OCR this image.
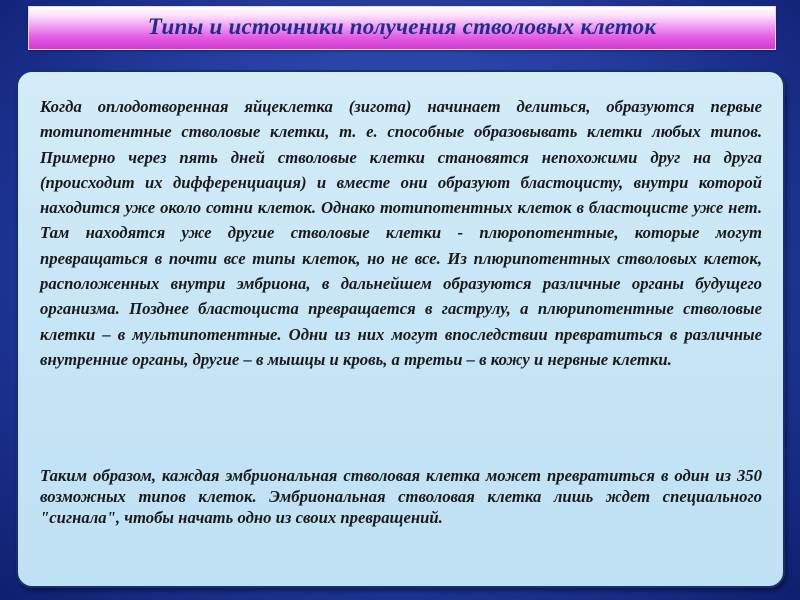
Типы и источники получения стволовых клеток

Когда оплодотворенная яйцеклетка (зигота) начинает делиться, образуются первые тотипотентные стволовые клетки, т. е. способные образовывать клетки любых типов. Примерно через пять дней стволовые клетки становятся непохожими друг на друга (происходит их дифференциация) и вместе они образуют бластоцисту, внутри которой находится уже около сотни клеток. Однако тотипотентных клеток в бластоцисте уже нет. Там находятся уже другие стволовые клетки - плюропотентные, которые могут превращаться в почти все типы клеток, но не все. Из плюрипотентных стволовых клеток, расположенных внутри эмбриона, в дальнейшем образуются различные органы будущего организма. Позднее бластоциста превращается в гаструлу, а плюрипотентные стволовые клетки – в мультипотентные. Одни из них могут впоследствии превратиться в различные внутренние органы, другие – в мышцы и кровь, а третьи – в кожу и нервные клетки.

Таким образом, каждая эмбриональная стволовая клетка может превратиться в один из 350 возможных типов клеток. Эмбриональная стволовая клетка лишь ждет специального "сигнала", чтобы начать одно из своих превращений.
